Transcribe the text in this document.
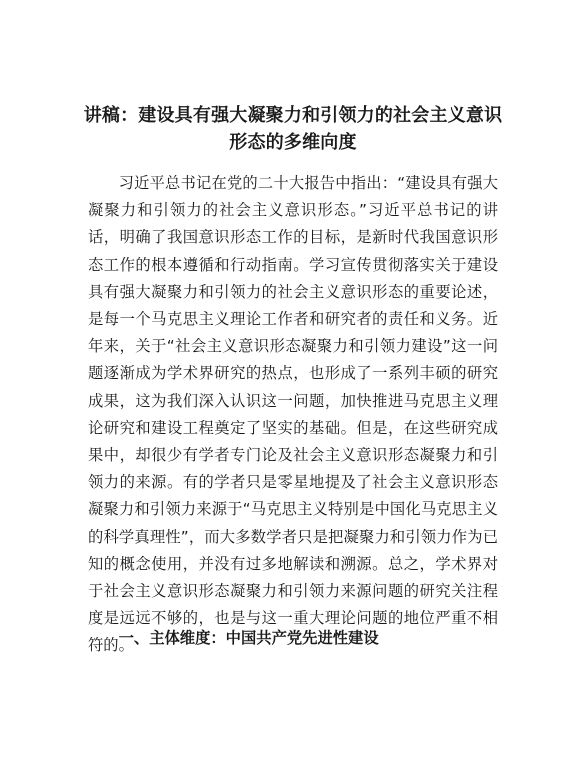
讲稿：建设具有强大凝聚力和引领力的社会主义意识形态的多维向度

习近平总书记在党的二十大报告中指出：“建设具有强大凝聚力和引领力的社会主义意识形态。”习近平总书记的讲话，明确了我国意识形态工作的目标，是新时代我国意识形态工作的根本遵循和行动指南。学习宣传贯彻落实关于建设具有强大凝聚力和引领力的社会主义意识形态的重要论述，是每一个马克思主义理论工作者和研究者的责任和义务。近年来，关于“社会主义意识形态凝聚力和引领力建设”这一问题逐渐成为学术界研究的热点，也形成了一系列丰硕的研究成果，这为我们深入认识这一问题，加快推进马克思主义理论研究和建设工程奠定了坚实的基础。但是，在这些研究成果中，却很少有学者专门论及社会主义意识形态凝聚力和引领力的来源。有的学者只是零星地提及了社会主义意识形态凝聚力和引领力来源于“马克思主义特别是中国化马克思主义的科学真理性”，而大多数学者只是把凝聚力和引领力作为已知的概念使用，并没有过多地解读和溯源。总之，学术界对于社会主义意识形态凝聚力和引领力来源问题的研究关注程度是远远不够的，也是与这一重大理论问题的地位严重不相符的。

一、主体维度：中国共产党先进性建设
